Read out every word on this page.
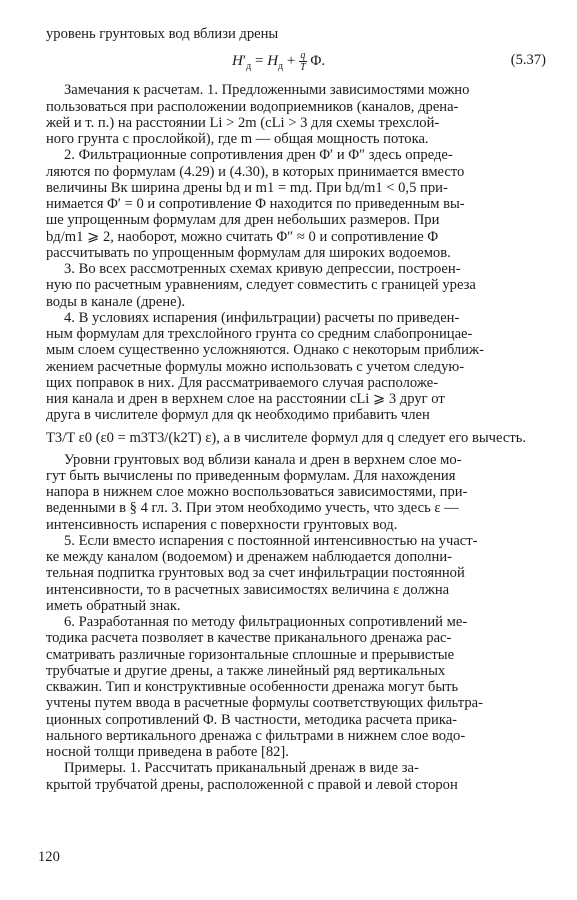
уровень грунтовых вод вблизи дрены

$H'_д = H_д + \frac{q}{T} \Phi$.	(5.37)

Замечания к расчетам. 1. Предложенными зависимостями можно

пользоваться при расположении водоприемников (каналов, дрена-

жей и т. п.) на расстоянии Li > 2m (cLi > 3 для схемы трехслой-

ного грунта с прослойкой), где m — общая мощность потока.

2. Фильтрационные сопротивления дрен Φ′ и Φ″ здесь опреде-

ляются по формулам (4.29) и (4.30), в которых принимается вместо

величины Bк ширина дрены bд и m1 = mд. При bд/m1 < 0,5 при-

нимается Φ′ = 0 и сопротивление Φ находится по приведенным вы-

ше упрощенным формулам для дрен небольших размеров. При

bд/m1 ⩾ 2, наоборот, можно считать Φ″ ≈ 0 и сопротивление Φ

рассчитывать по упрощенным формулам для широких водоемов.

3. Во всех рассмотренных схемах кривую депрессии, построен-

ную по расчетным уравнениям, следует совместить с границей уреза

воды в канале (дрене).

4. В условиях испарения (инфильтрации) расчеты по приведен-

ным формулам для трехслойного грунта со средним слабопроницае-

мым слоем существенно усложняются. Однако с некоторым приближ-

жением расчетные формулы можно использовать с учетом следую-

щих поправок в них. Для рассматриваемого случая расположе-

ния канала и дрен в верхнем слое на расстоянии cLi ⩾ 3 друг от

друга в числителе формул для qк необходимо прибавить член

T3/T ε0 (ε0 = m3T3/(k2T) ε), а в числителе формул для q следует его вычесть.

Уровни грунтовых вод вблизи канала и дрен в верхнем слое мо-

гут быть вычислены по приведенным формулам. Для нахождения

напора в нижнем слое можно воспользоваться зависимостями, при-

веденными в § 4 гл. 3. При этом необходимо учесть, что здесь ε —

интенсивность испарения с поверхности грунтовых вод.

5. Если вместо испарения с постоянной интенсивностью на участ-

ке между каналом (водоемом) и дренажем наблюдается дополни-

тельная подпитка грунтовых вод за счет инфильтрации постоянной

интенсивности, то в расчетных зависимостях величина ε должна

иметь обратный знак.

6. Разработанная по методу фильтрационных сопротивлений ме-

тодика расчета позволяет в качестве приканального дренажа рас-

сматривать различные горизонтальные сплошные и прерывистые

трубчатые и другие дрены, а также линейный ряд вертикальных

скважин. Тип и конструктивные особенности дренажа могут быть

учтены путем ввода в расчетные формулы соответствующих фильтра-

ционных сопротивлений Φ. В частности, методика расчета прика-

нального вертикального дренажа с фильтрами в нижнем слое водо-

носной толщи приведена в работе [82].

Примеры. 1. Рассчитать приканальный дренаж в виде за-

крытой трубчатой дрены, расположенной с правой и левой сторон

120
